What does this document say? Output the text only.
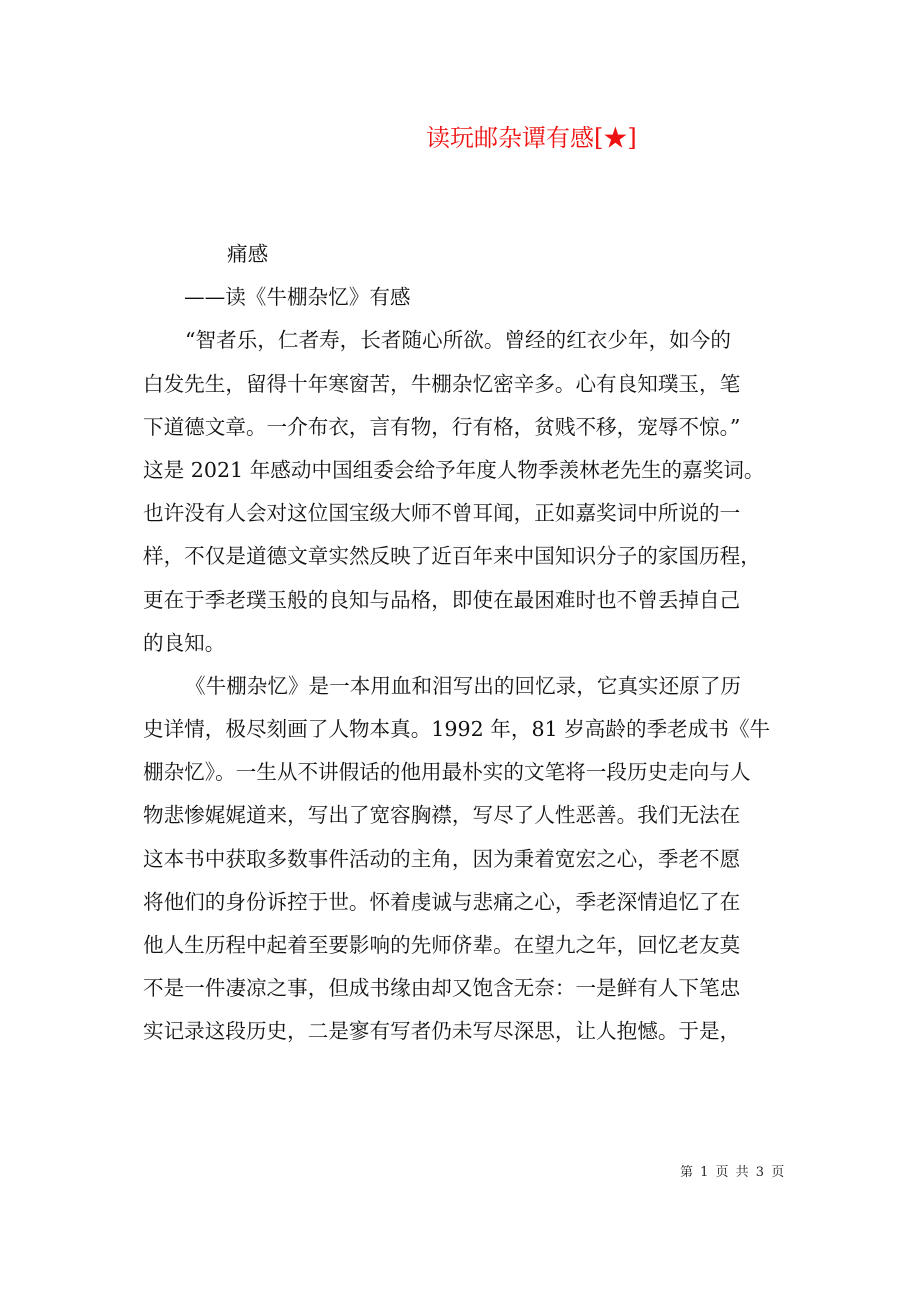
读玩邮杂谭有感[★]
痛感
——读《牛棚杂忆》有感
“智者乐，仁者寿，长者随心所欲。曾经的红衣少年，如今的
白发先生，留得十年寒窗苦，牛棚杂忆密辛多。心有良知璞玉，笔
下道德文章。一介布衣，言有物，行有格，贫贱不移，宠辱不惊。”
这是 2021 年感动中国组委会给予年度人物季羡林老先生的嘉奖词。
也许没有人会对这位国宝级大师不曾耳闻，正如嘉奖词中所说的一
样，不仅是道德文章实然反映了近百年来中国知识分子的家国历程，
更在于季老璞玉般的良知与品格，即使在最困难时也不曾丢掉自己
的良知。
《牛棚杂忆》是一本用血和泪写出的回忆录，它真实还原了历
史详情，极尽刻画了人物本真。1992 年，81 岁高龄的季老成书《牛
棚杂忆》。一生从不讲假话的他用最朴实的文笔将一段历史走向与人
物悲惨娓娓道来，写出了宽容胸襟，写尽了人性恶善。我们无法在
这本书中获取多数事件活动的主角，因为秉着宽宏之心，季老不愿
将他们的身份诉控于世。怀着虔诚与悲痛之心，季老深情追忆了在
他人生历程中起着至要影响的先师侪辈。在望九之年，回忆老友莫
不是一件凄凉之事，但成书缘由却又饱含无奈：一是鲜有人下笔忠
实记录这段历史，二是寥有写者仍未写尽深思，让人抱憾。于是，
第 1 页 共 3 页
